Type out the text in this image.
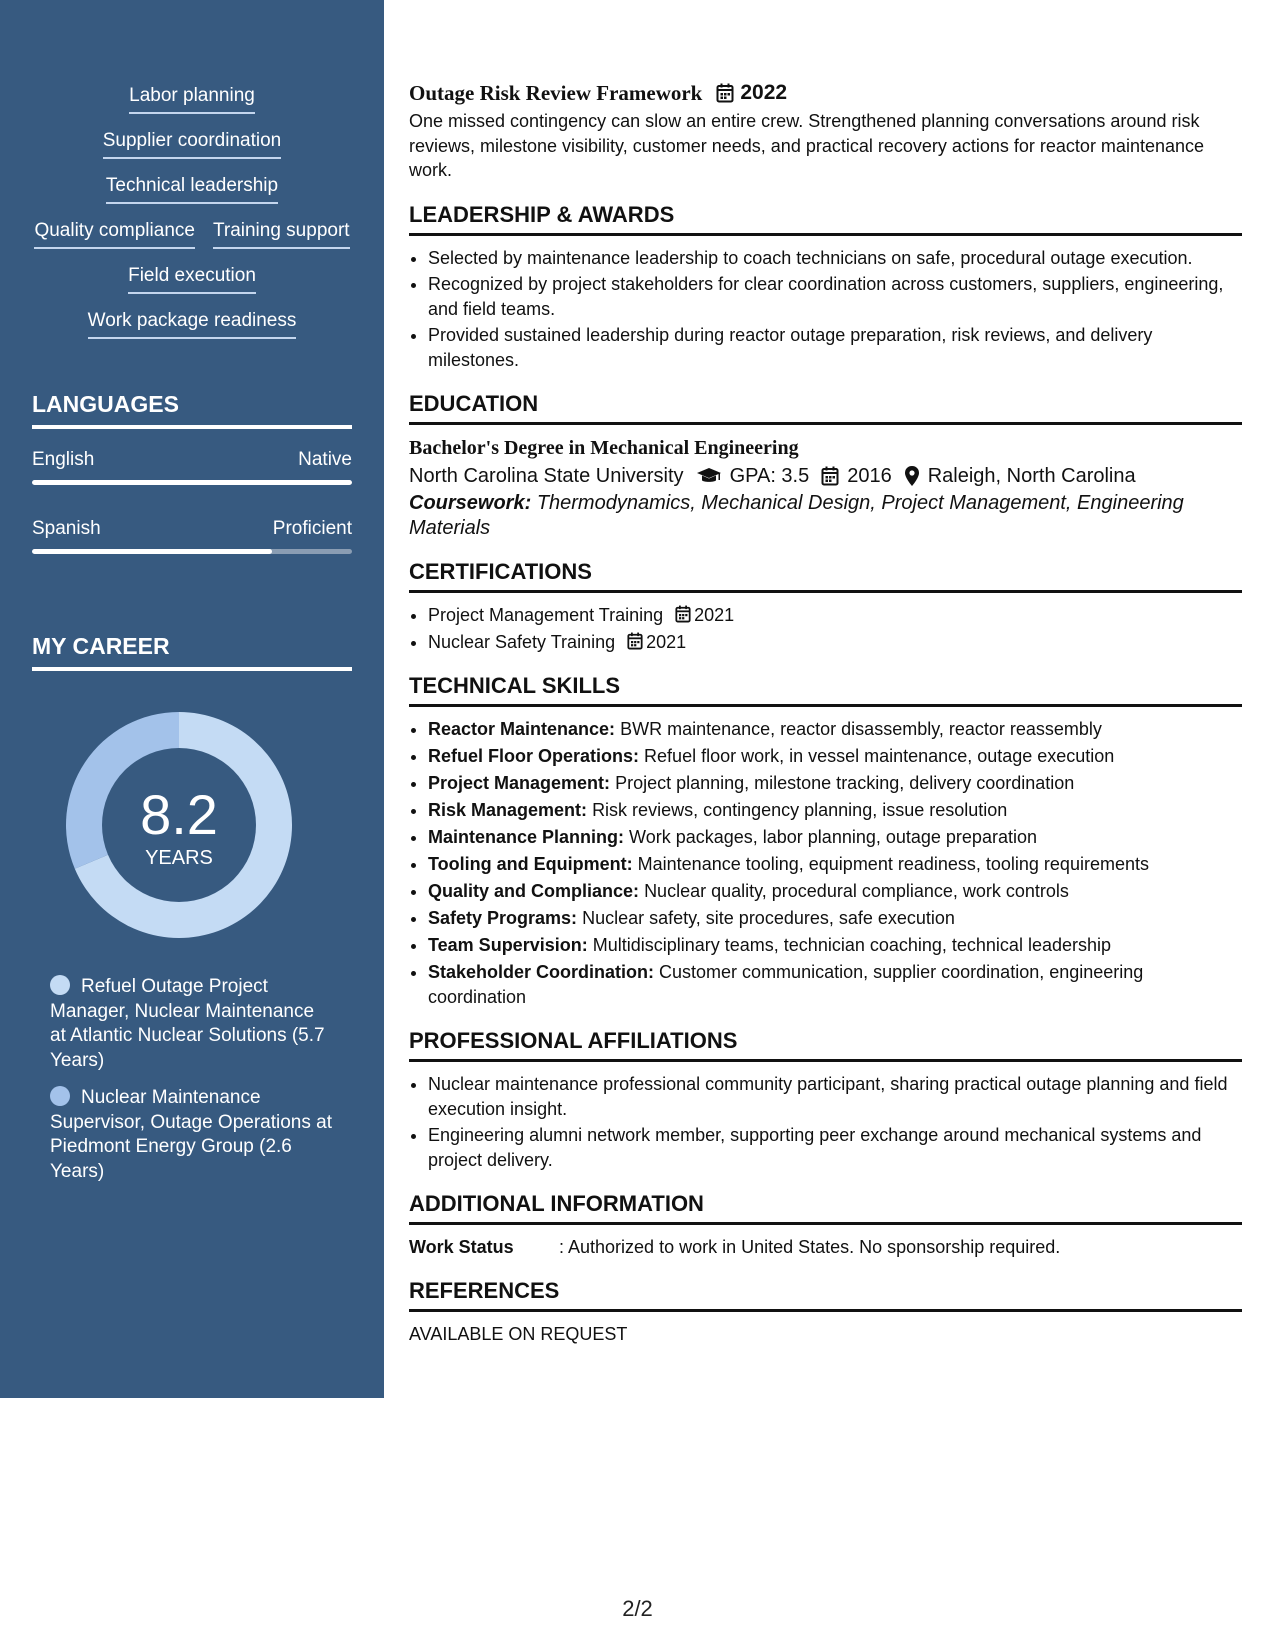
Labor planning
Supplier coordination
Technical leadership
Quality compliance Training support
Field execution
Work package readiness
LANGUAGES
English	Native
Spanish	Proficient
MY CAREER
8.2
YEARS
Refuel Outage Project Manager, Nuclear Maintenance at Atlantic Nuclear Solutions (5.7 Years)
Nuclear Maintenance Supervisor, Outage Operations at Piedmont Energy Group (2.6 Years)
Outage Risk Review Framework 2022

One missed contingency can slow an entire crew. Strengthened planning conversations around risk reviews, milestone visibility, customer needs, and practical recovery actions for reactor maintenance work.

LEADERSHIP & AWARDS
• Selected by maintenance leadership to coach technicians on safe, procedural outage execution.
• Recognized by project stakeholders for clear coordination across customers, suppliers, engineering, and field teams.
• Provided sustained leadership during reactor outage preparation, risk reviews, and delivery milestones.
EDUCATION
Bachelor's Degree in Mechanical Engineering
North Carolina State University GPA: 3.5 2016 Raleigh, North Carolina
Coursework: Thermodynamics, Mechanical Design, Project Management, Engineering Materials
CERTIFICATIONS
• Project Management Training 2021
• Nuclear Safety Training 2021
TECHNICAL SKILLS
• Reactor Maintenance: BWR maintenance, reactor disassembly, reactor reassembly
• Refuel Floor Operations: Refuel floor work, in vessel maintenance, outage execution
• Project Management: Project planning, milestone tracking, delivery coordination
• Risk Management: Risk reviews, contingency planning, issue resolution
• Maintenance Planning: Work packages, labor planning, outage preparation
• Tooling and Equipment: Maintenance tooling, equipment readiness, tooling requirements
• Quality and Compliance: Nuclear quality, procedural compliance, work controls
• Safety Programs: Nuclear safety, site procedures, safe execution
• Team Supervision: Multidisciplinary teams, technician coaching, technical leadership
• Stakeholder Coordination: Customer communication, supplier coordination, engineering coordination
PROFESSIONAL AFFILIATIONS
• Nuclear maintenance professional community participant, sharing practical outage planning and field execution insight.
• Engineering alumni network member, supporting peer exchange around mechanical systems and project delivery.
ADDITIONAL INFORMATION
Work Status	: Authorized to work in United States. No sponsorship required.
REFERENCES
AVAILABLE ON REQUEST
2/2
